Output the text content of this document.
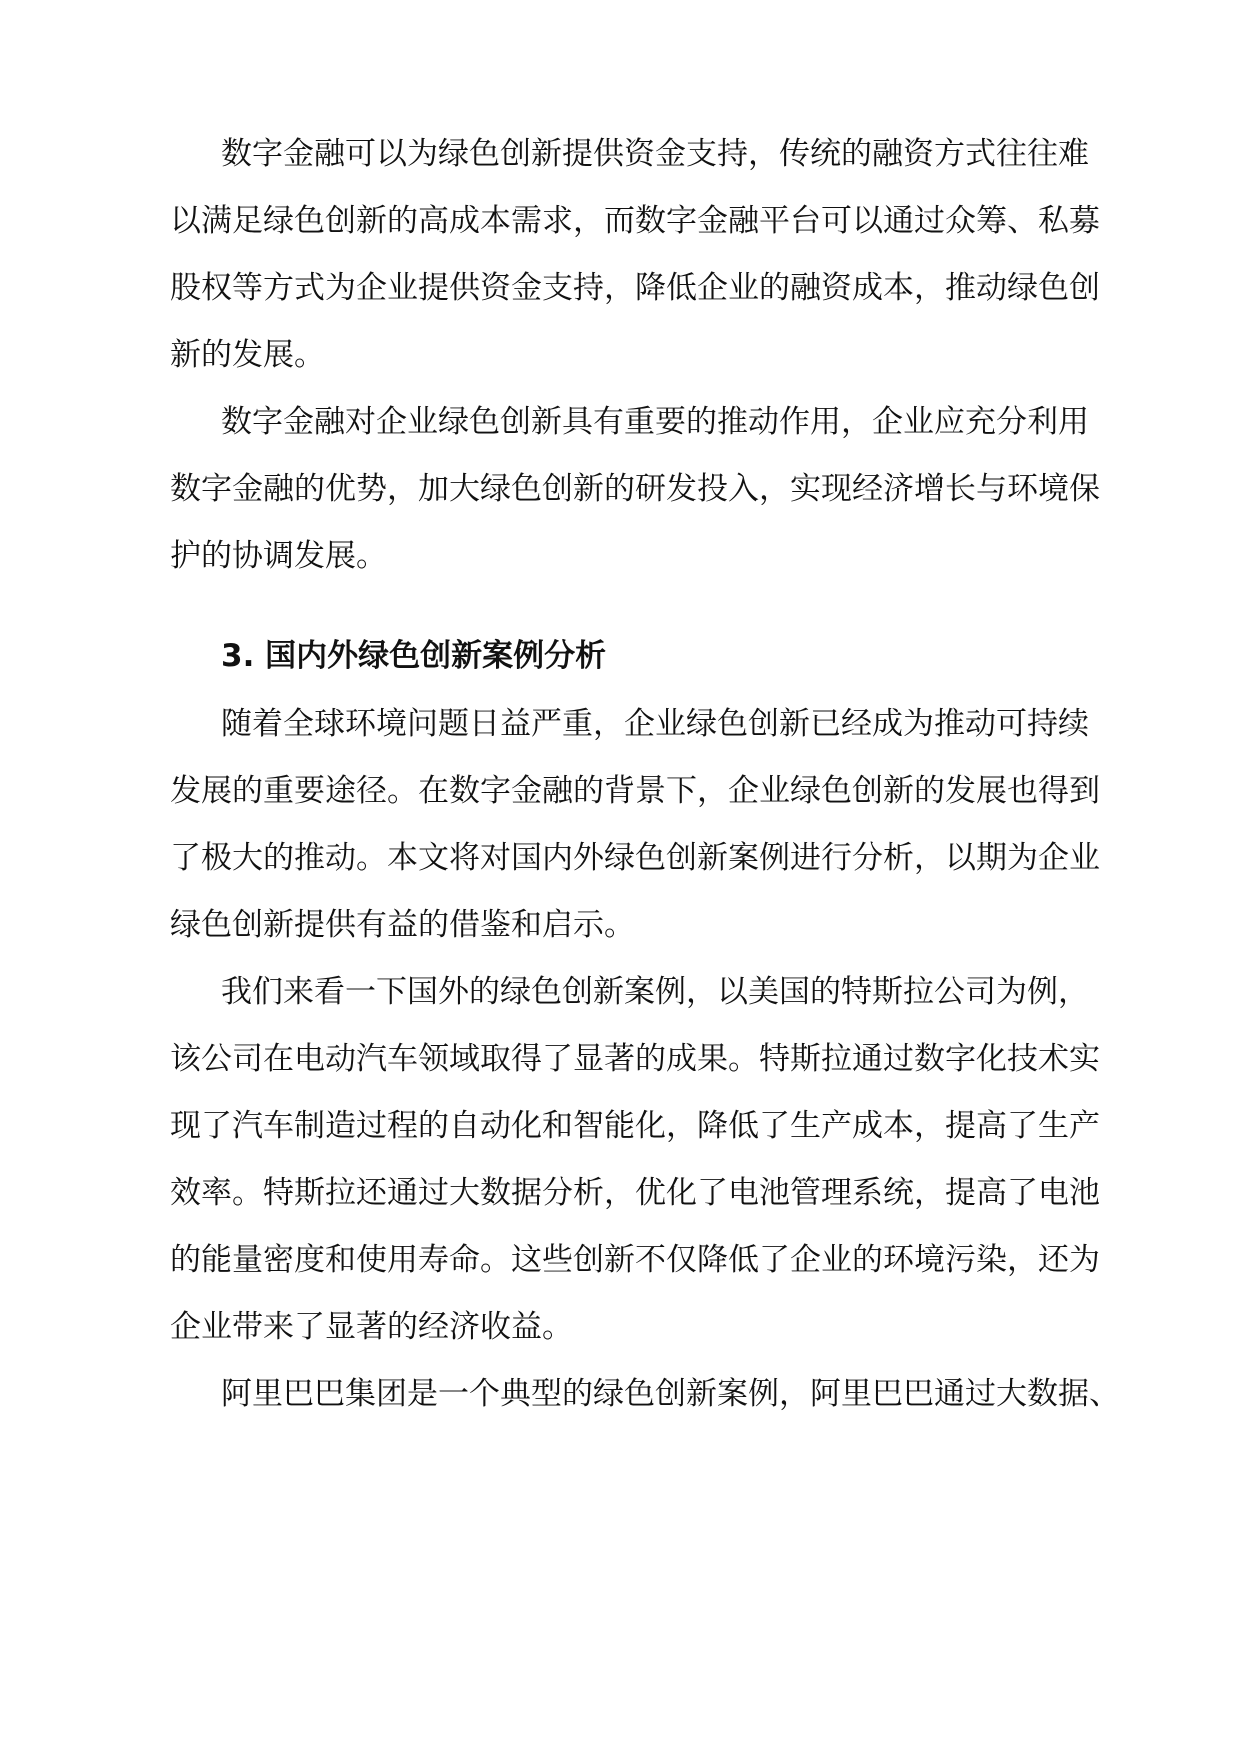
数字金融可以为绿色创新提供资金支持，传统的融资方式往往难

以满足绿色创新的高成本需求，而数字金融平台可以通过众筹、私募

股权等方式为企业提供资金支持，降低企业的融资成本，推动绿色创

新的发展。

数字金融对企业绿色创新具有重要的推动作用，企业应充分利用

数字金融的优势，加大绿色创新的研发投入，实现经济增长与环境保

护的协调发展。

3. 国内外绿色创新案例分析

随着全球环境问题日益严重，企业绿色创新已经成为推动可持续

发展的重要途径。在数字金融的背景下，企业绿色创新的发展也得到

了极大的推动。本文将对国内外绿色创新案例进行分析，以期为企业

绿色创新提供有益的借鉴和启示。

我们来看一下国外的绿色创新案例，以美国的特斯拉公司为例，

该公司在电动汽车领域取得了显著的成果。特斯拉通过数字化技术实

现了汽车制造过程的自动化和智能化，降低了生产成本，提高了生产

效率。特斯拉还通过大数据分析，优化了电池管理系统，提高了电池

的能量密度和使用寿命。这些创新不仅降低了企业的环境污染，还为

企业带来了显著的经济收益。

阿里巴巴集团是一个典型的绿色创新案例，阿里巴巴通过大数据、
